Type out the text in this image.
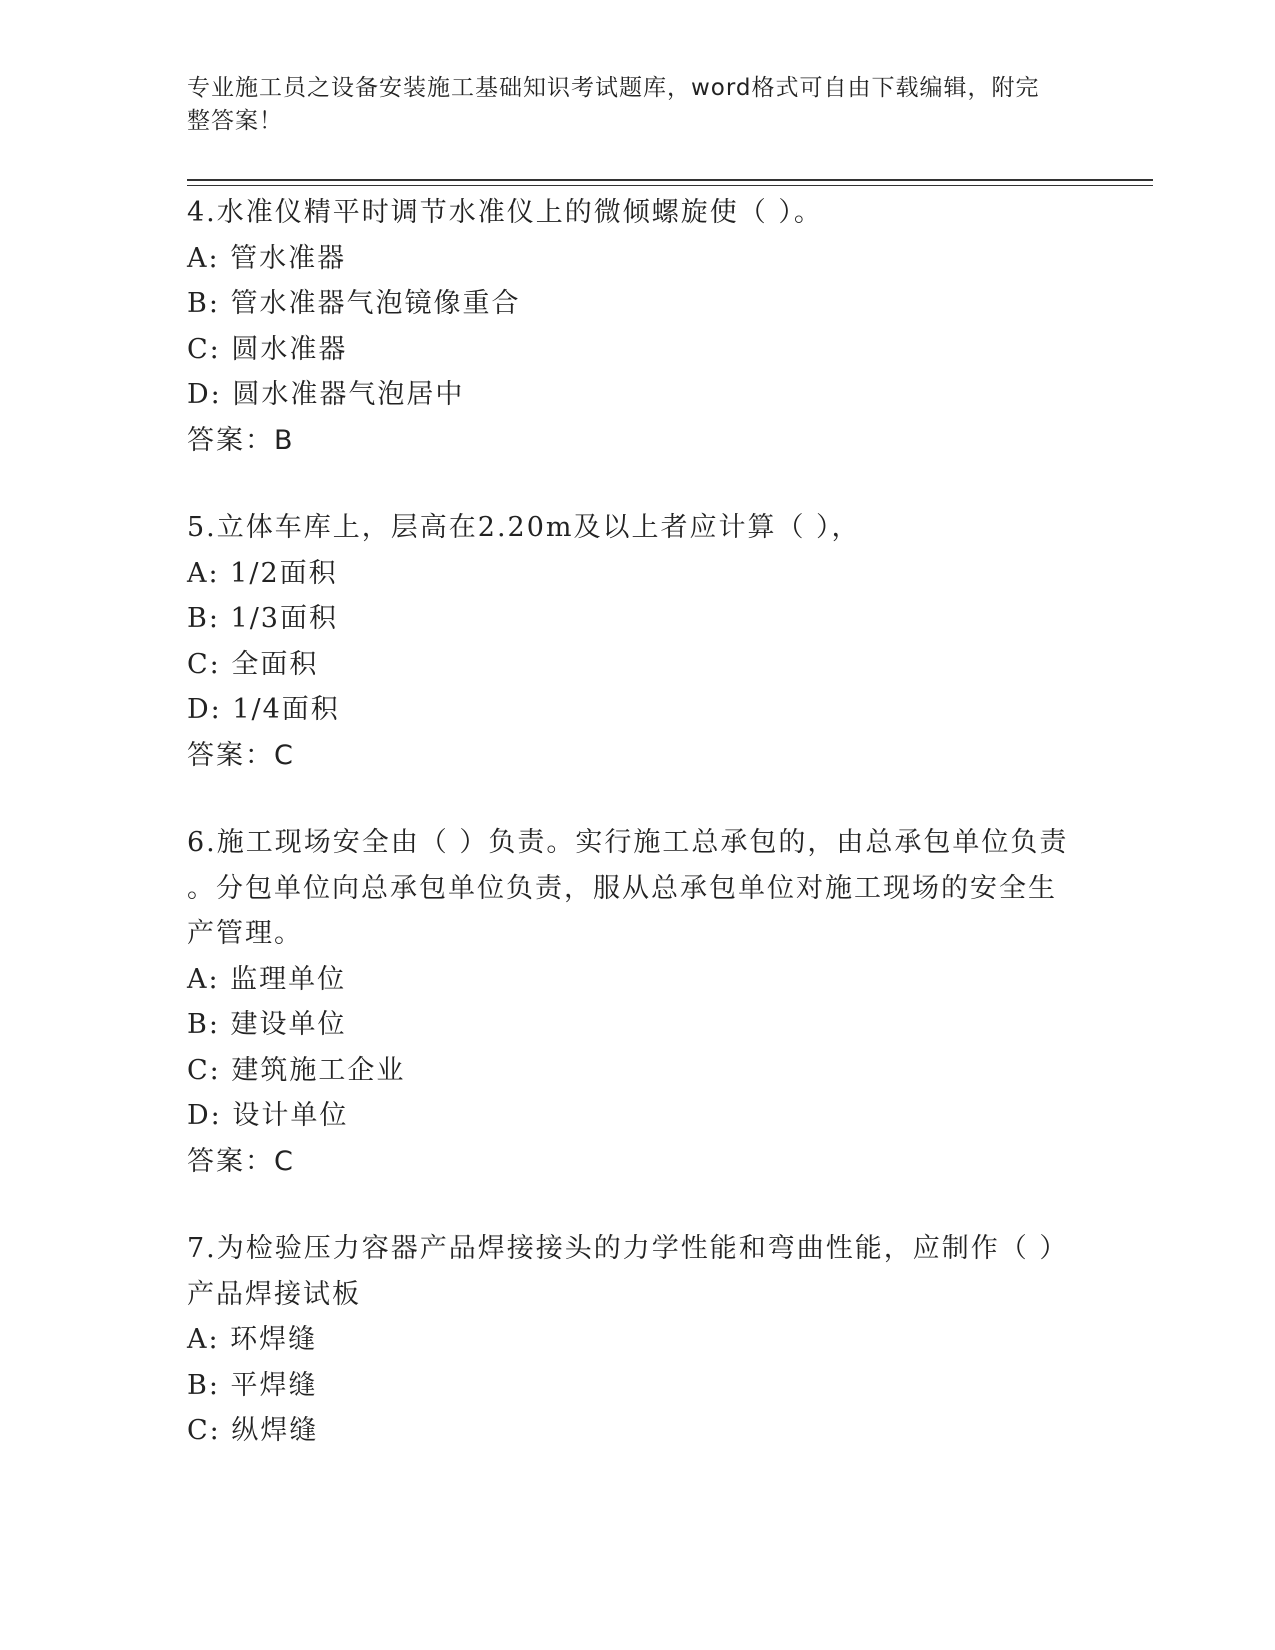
专业施工员之设备安装施工基础知识考试题库，word格式可自由下载编辑，附完
整答案！
4.水准仪精平时调节水准仪上的微倾螺旋使（ ）。
A: 管水准器
B: 管水准器气泡镜像重合
C: 圆水准器
D: 圆水准器气泡居中
答案：B
5.立体车库上，层高在2.20m及以上者应计算（ ），
A: 1/2面积
B: 1/3面积
C: 全面积
D: 1/4面积
答案：C
6.施工现场安全由（ ）负责。实行施工总承包的，由总承包单位负责
。分包单位向总承包单位负责，服从总承包单位对施工现场的安全生
产管理。
A: 监理单位
B: 建设单位
C: 建筑施工企业
D: 设计单位
答案：C
7.为检验压力容器产品焊接接头的力学性能和弯曲性能，应制作（ ）
产品焊接试板
A: 环焊缝
B: 平焊缝
C: 纵焊缝
